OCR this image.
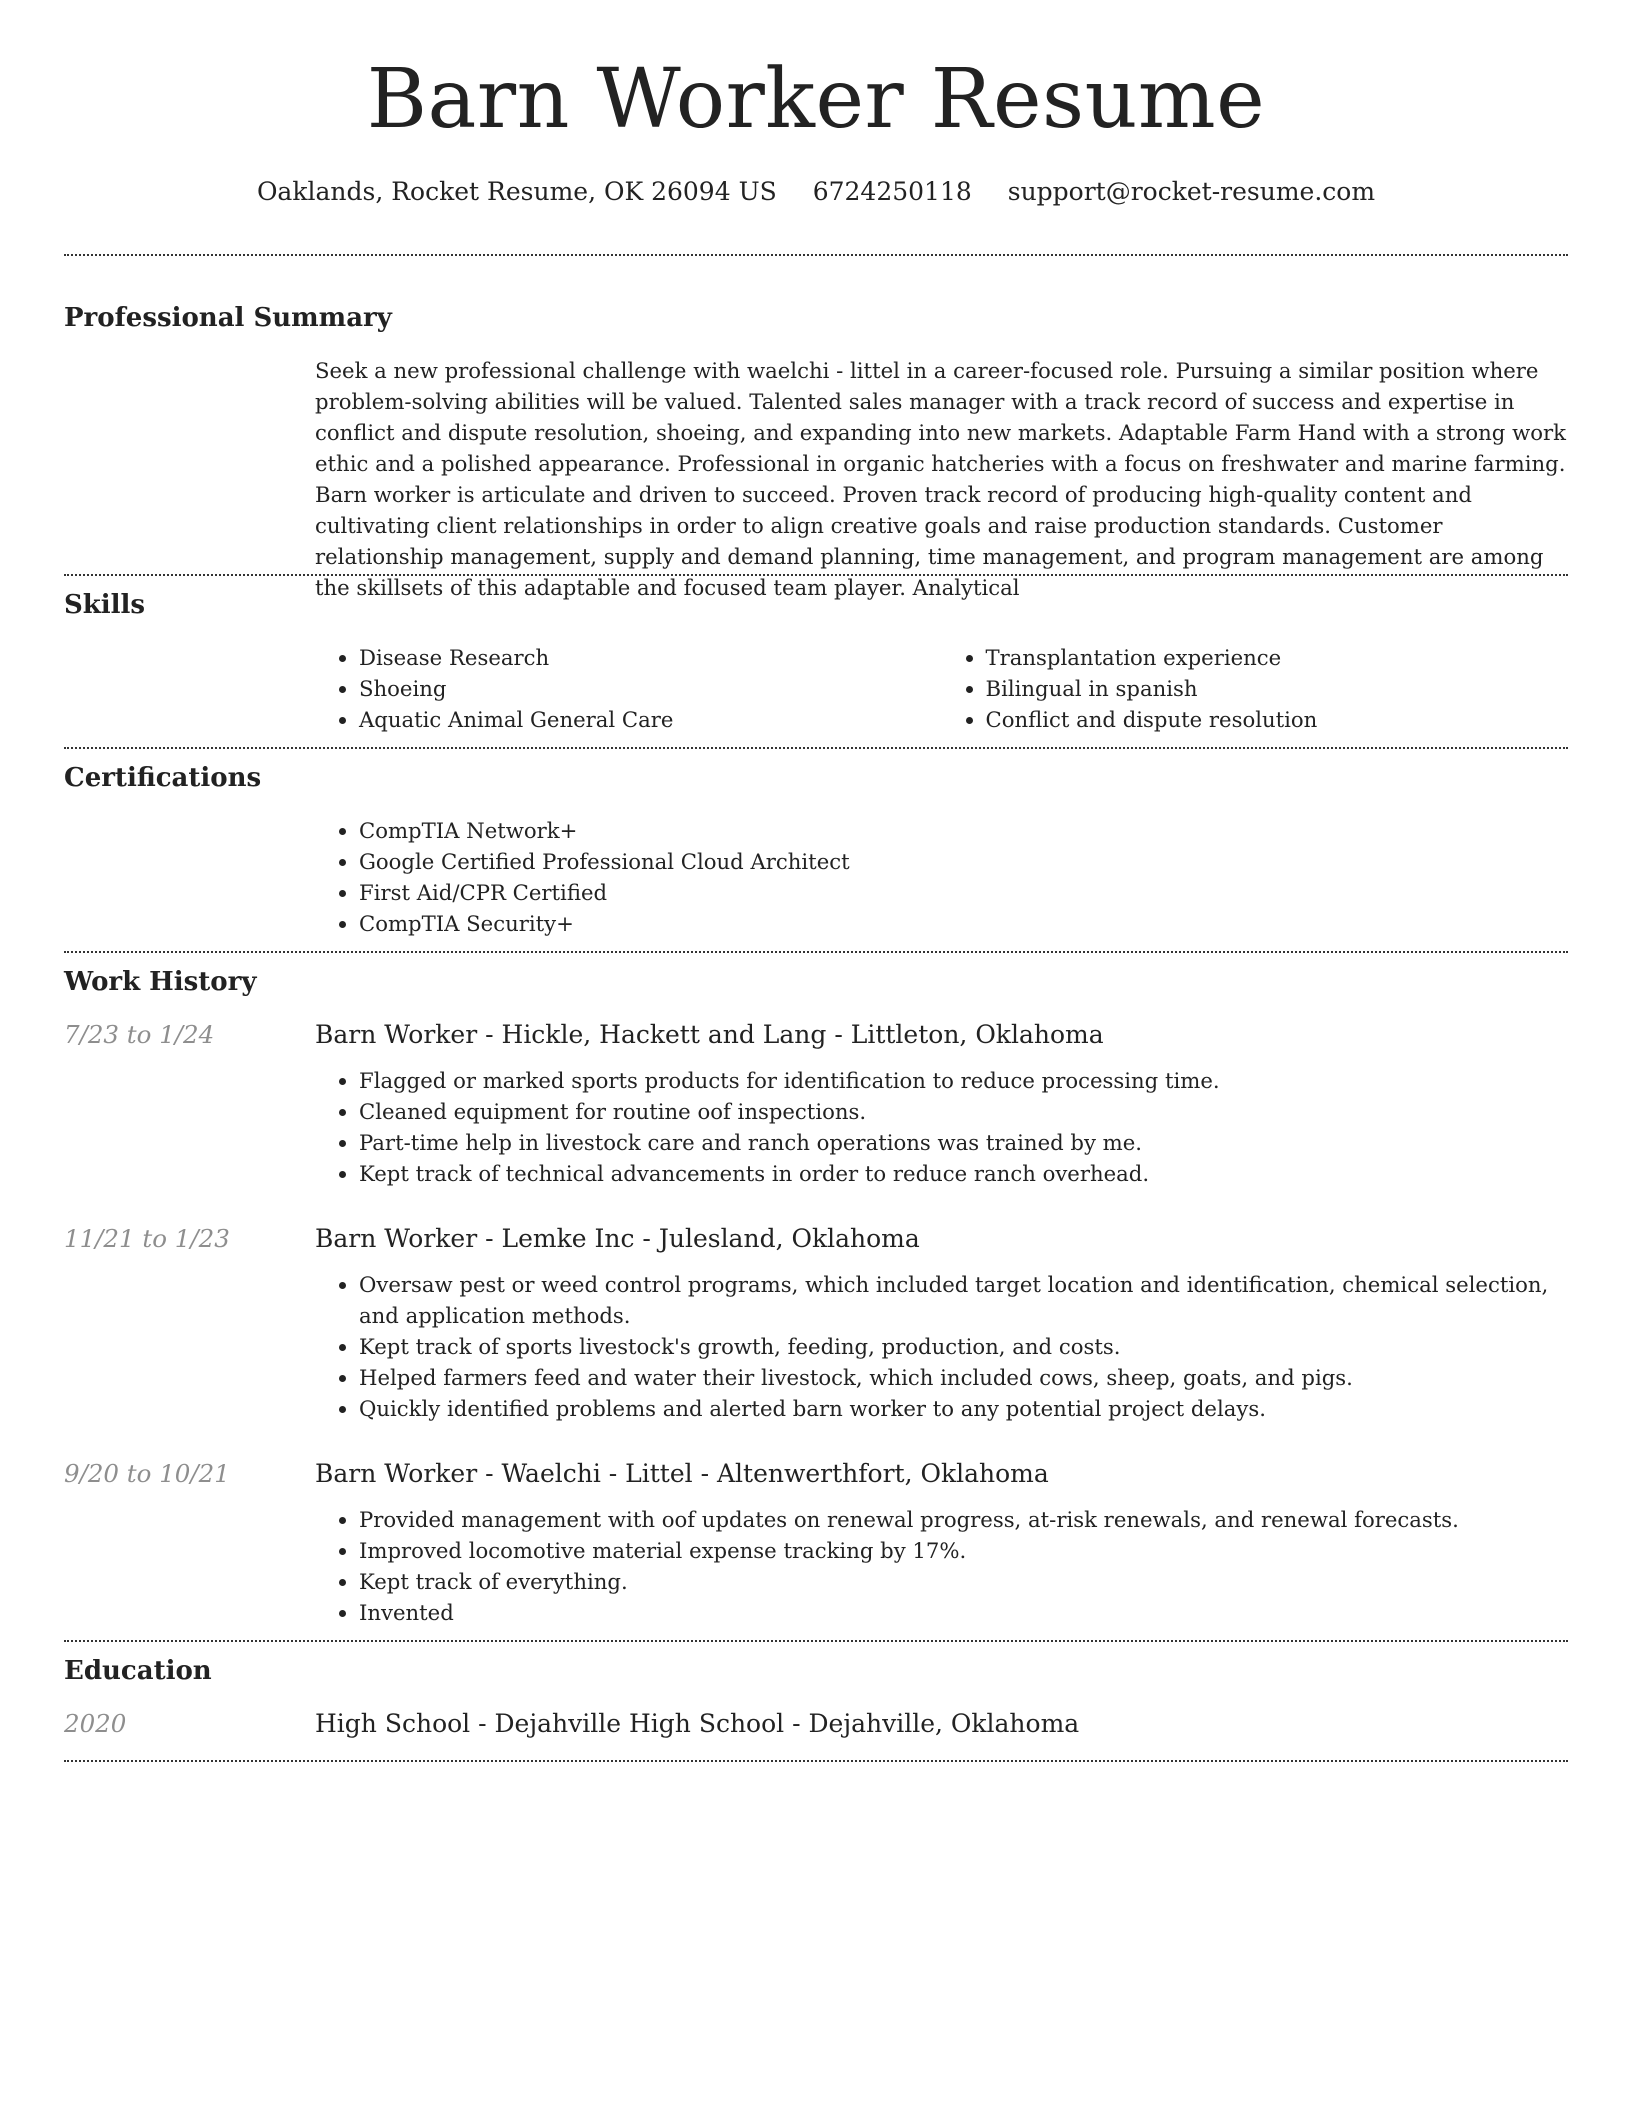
Barn Worker Resume
Oaklands, Rocket Resume, OK 26094 US 6724250118 support@rocket-resume.com
Professional Summary

Seek a new professional challenge with waelchi - littel in a career-focused role. Pursuing a similar position where problem-solving abilities will be valued. Talented sales manager with a track record of success and expertise in conflict and dispute resolution, shoeing, and expanding into new markets. Adaptable Farm Hand with a strong work ethic and a polished appearance. Professional in organic hatcheries with a focus on freshwater and marine farming. Barn worker is articulate and driven to succeed. Proven track record of producing high-quality content and cultivating client relationships in order to align creative goals and raise production standards. Customer relationship management, supply and demand planning, time management, and program management are among the skillsets of this adaptable and focused team player. Analytical

Skills
• Disease Research
• Shoeing
• Aquatic Animal General Care
• Transplantation experience
• Bilingual in spanish
• Conflict and dispute resolution
Certifications
• CompTIA Network+
• Google Certified Professional Cloud Architect
• First Aid/CPR Certified
• CompTIA Security+
Work History
7/23 to 1/24	Barn Worker - Hickle, Hackett and Lang - Littleton, Oklahoma
• Flagged or marked sports products for identification to reduce processing time.
• Cleaned equipment for routine oof inspections.
• Part-time help in livestock care and ranch operations was trained by me.
• Kept track of technical advancements in order to reduce ranch overhead.
11/21 to 1/23	Barn Worker - Lemke Inc - Julesland, Oklahoma
• Oversaw pest or weed control programs, which included target location and identification, chemical selection, and application methods.
• Kept track of sports livestock's growth, feeding, production, and costs.
• Helped farmers feed and water their livestock, which included cows, sheep, goats, and pigs.
• Quickly identified problems and alerted barn worker to any potential project delays.
9/20 to 10/21	Barn Worker - Waelchi - Littel - Altenwerthfort, Oklahoma
• Provided management with oof updates on renewal progress, at-risk renewals, and renewal forecasts.
• Improved locomotive material expense tracking by 17%.
• Kept track of everything.
• Invented
Education
2020	High School - Dejahville High School - Dejahville, Oklahoma
